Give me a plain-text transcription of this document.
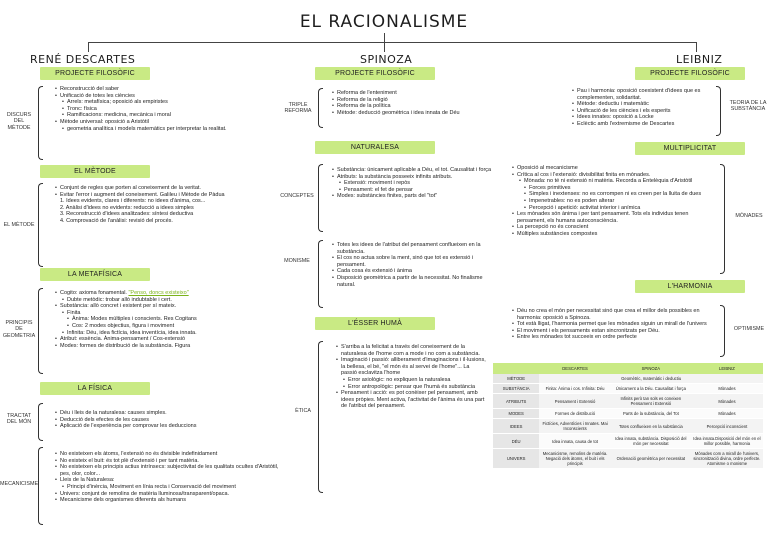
EL RACIONALISME
RENÉ DESCARTES	SPINOZA	LEIBNIZ
PROJECTE FILOSÒFIC
DISCURS DEL MÈTODE
• Reconstrucció del saber
• Unificació de totes les ciències
• Arrels: metafísica; oposició als empiristes
• Tronc: física
• Ramificacions: medicina, mecànica i moral
• Mètode universal: oposició a Aristòtil
• geometria analítica i models matemàtics per interpretar la realitat.
EL MÈTODE
EL MÈTODE
• Conjunt de regles que porten al coneixement de la veritat.
• Evitar l'error i augment del coneixement. Galileu i Mètode de Pàdua
1. Idees evidents, clares i diferents: no idees d'ànima, cos...
2. Anàlisi d'idees no evidents: reducció a idees simples
3. Reconstrucció d'idees analitzades: síntesi deductiva
4. Comprovació de l'anàlisi: revisió del procés.
LA METAFÍSICA
PRINCIPIS DE GEOMETRIA
• Cogito: axioma fonamental. "Penso, doncs existeixo"
• Dubte metòdic: trobar allò indubtable i cert.
• Substància: allò concret i existent per sí mateix.
• Finita
• Ànima: Modes múltiples i conscients. Res Cogitans
• Cos: 2 modes objectius, figura i moviment
• Infinita: Déu, idea fictícia, idea inventícia, idea innata.
• Atribut: essència. Ànima-pensament / Cos-extensió
• Modes: formes de distribució de la substància. Figura
LA FÍSICA
TRACTAT DEL MÓN
• Déu i lleis de la naturalesa: causes simples.
• Deducció dels efectes de les causes
• Aplicació de l'experiència per comprovar les deduccions
MECANICISME
• No existeixen els àtoms, l'extensió no és divisible indefinidament
• No existeix el buit: és tot plè d'extensió i per tant matèria.
• No existeixen els principis actius intrínsecs: subjectivitat de les qualitats ocultes d'Aristòtil, pes, olor, color...
• Lleis de la Naturalesa:
• Principi d'inèrcia, Moviment en línia recta i Conservació del moviment
• Univers: conjunt de remolins de matèria lluminosa/transparent/opaca.
• Mecanicisme dels organismes diferents als humans
PROJECTE FILOSÒFIC
TRIPLE REFORMA
• Reforma de l'enteniment
• Reforma de la religió
• Reforma de la política
• Mètode: deducció geomètrica i idea innata de Déu
NATURALESA
CONCEPTES
• Substància: únicament aplicable a Déu, el tot. Causalitat i força
• Atributs: la substància posseeix infinits atributs.
• Extensió: moviment i repòs
• Pensament: el fet de pensar
• Modes: substàncies finites, parts del "tot"
MONISME
• Totes les idees de l'atribut del pensament conflueixen en la substància.
• El cos no actua sobre la ment, sinó que tot es extensió i pensament.
• Cada cosa és extensió i ànima
• Disposició geomètrica a partir de la necessitat. No finalisme natural.
L'ÉSSER HUMÀ
ÈTICA
• S'arriba a la felicitat a través del coneixement de la naturalesa de l'home com a mode i no com a substància.
• Imaginació i passió: alliberament d'imaginacions i il·lusions, la bellesa, el bé, "el món és al servei de l'home"... La passió esclavitza l'home
• Error axiològic: no expliquen la naturalesa
• Error antropològic: pensar que l'humà és substància
• Pensament i acció: es pot conèixer pel pensament, amb idees pròpies. Ment activa, l'activitat de l'ànima és una part de l'atribut del pensament.
PROJECTE FILOSÒFIC
TEORIA DE LA SUBSTÀNCIA
• Pau i harmonia: oposició coexistent d'idees que es complementen, solidaritat.
• Mètode: deductiu i matemàtic
• Unificació de les ciències i els esperits
• Idees innates: oposició a Locke
• Eclèctic amb l'extremisme de Descartes
MULTIPLICITAT
MÒNADES
• Oposició al mecanicisme
• Crítica al cos i l'extensió: divisibilitat finita en mònades.
• Mònada: no té ni extensió ni matèria. Recorda a Entelèquia d'Aristòtil
• Forces primitives
• Simples i inextenses: no es corrompen ni es creen per la lluita de dues
• Impenetrables: no es poden alterar
• Percepció i apetició: activitat interior i anímica
• Les mònades són ànima i per tant pensament. Tots els individus tenen pensament, els humans autoconsciència.
• La percepció no és conscient
• Múltiples substàncies compostes
L'HARMONIA
OPTIMISME
• Déu no crea el món per necessitat sinó que crea el millor dels possibles en harmonia: oposició a Spinoza.
• Tot està lligat, l'harmonia permet que les mònades siguin un mirall de l'univers
• El moviment i els pensaments estan sincronitzats per Déu.
• Entre les mònades tot succeeix en ordre perfecte
	DESCARTES	SPINOZA	LEIBNIZ
MÈTODE	Geomètric, matemàtic i deductiu		
SUBSTÀNCIA	Finita: Ànima i cos. Infinita: Déu	Únicament a la Déu. Causalitat i força	Mònades
ATRIBUTS	Pensament i Extensió	Infinits però tan sols es coneixen Pensament i Extensió	Mònades
MODES	Formes de distribució	Parts de la substància, del Tot	Mònades
IDEES	Fictícies, Adventícies i Innates. Mai Inconscients	Totes conflueixen en la substància	Percepció inconscient
DÉU	Idea innata, causa de tot	Idea innata, substància. Disposició del món per necessitat	Idea innata.Disposició del món en el millor possible, harmonia
UNIVERS	Mecanicisme, remolins de matèria. Negació dels àtoms, el buit i els principis	Ordenació geomètrica per necessitat	Mònades com a mirall de l'univers, sincronització divina, ordre perfecte. Atomisme o monisme
